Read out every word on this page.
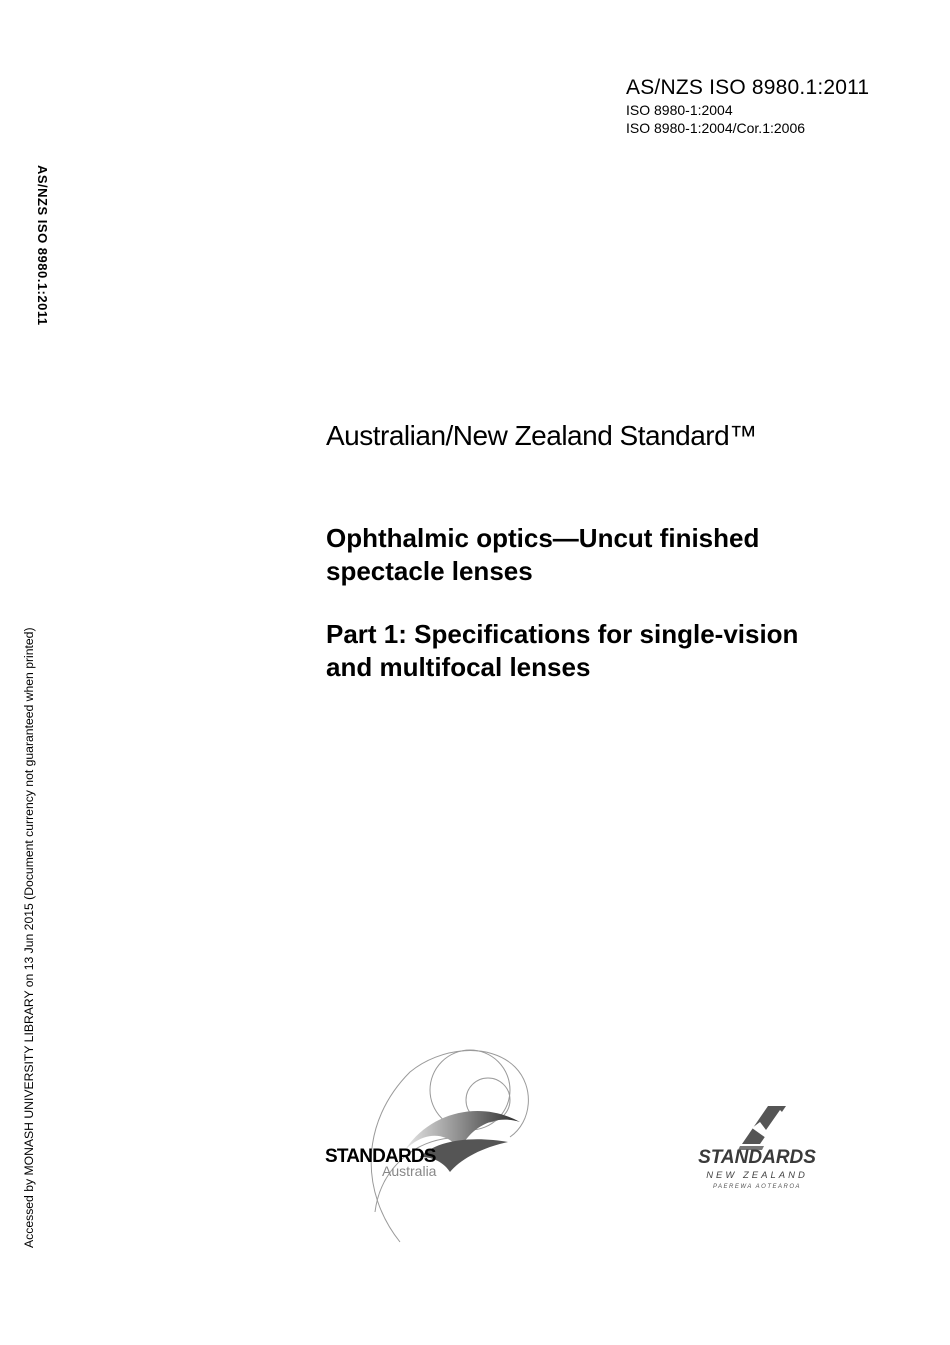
AS/NZS ISO 8980.1:2011
ISO 8980-1:2004
ISO 8980-1:2004/Cor.1:2006
AS/NZS ISO 8980.1:2011
Accessed by MONASH UNIVERSITY LIBRARY on 13 Jun 2015 (Document currency not guaranteed when printed)
Australian/New Zealand Standard™
Ophthalmic optics—Uncut finished
spectacle lenses
Part 1: Specifications for single-vision
and multifocal lenses
STANDARDS
Australia
STANDARDS
NEW ZEALAND
PAEREWA AOTEAROA
